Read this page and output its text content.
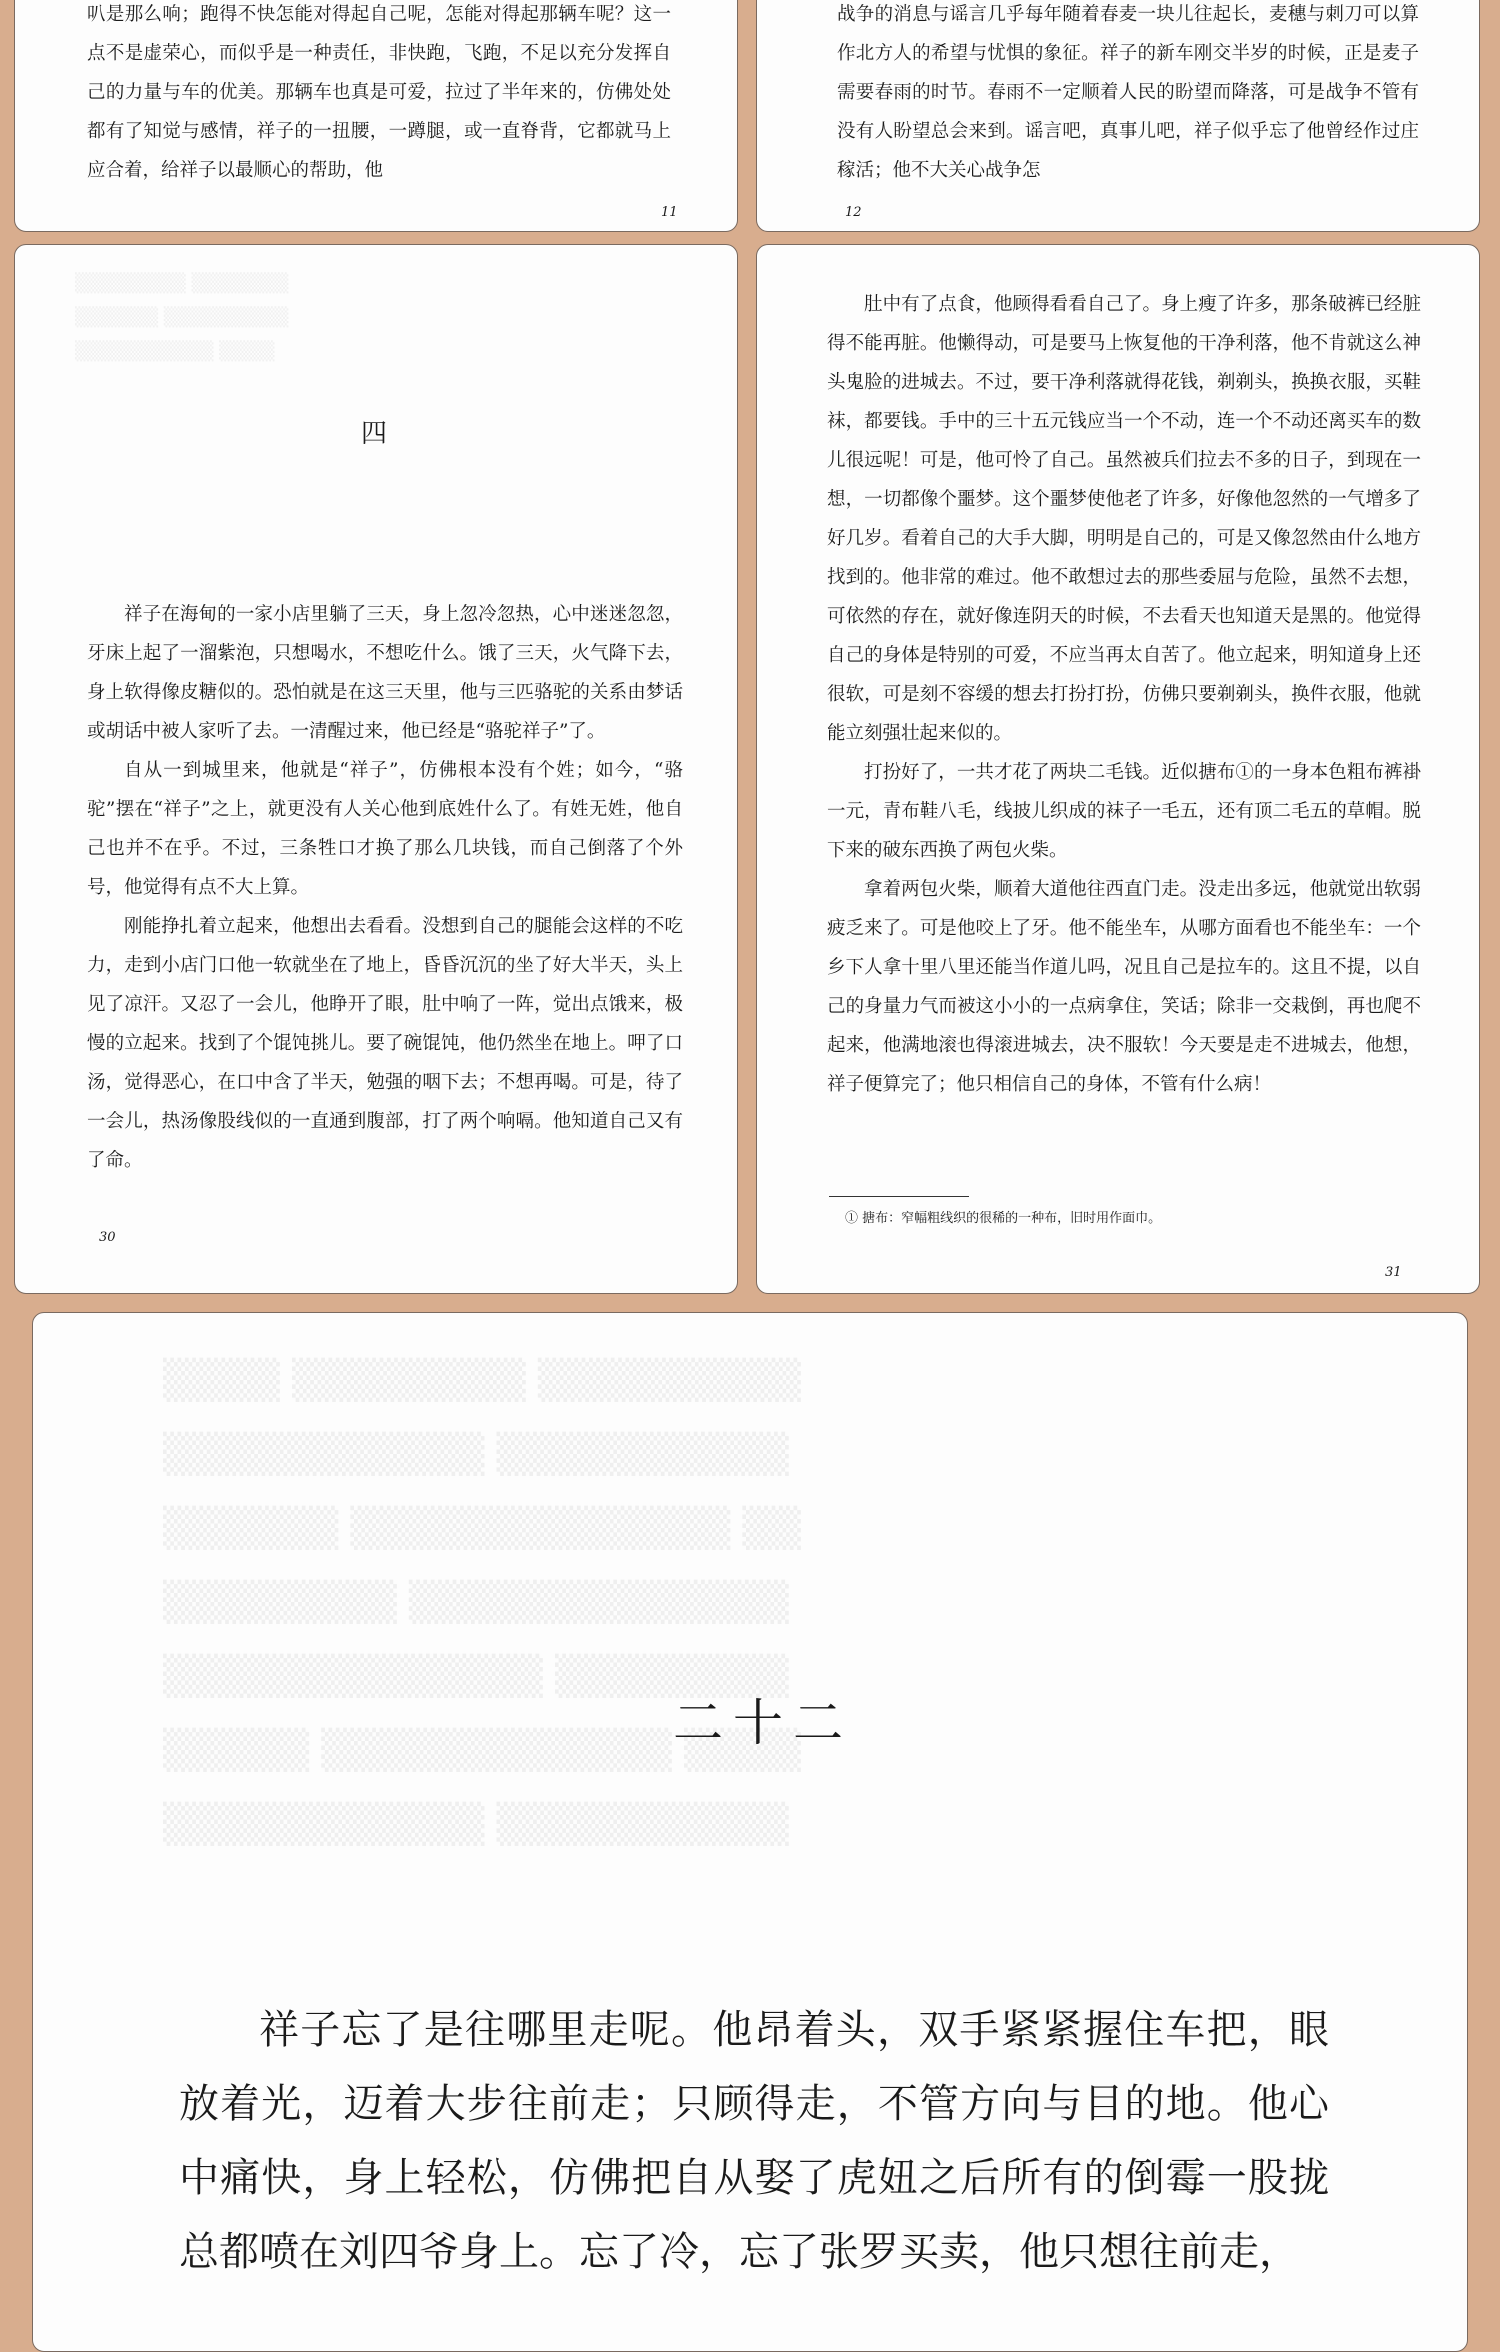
叭是那么响；跑得不快怎能对得起自己呢，怎能对得起那辆车呢？这一点不是虚荣心，而似乎是一种责任，非快跑，飞跑，不足以充分发挥自己的力量与车的优美。那辆车也真是可爱，拉过了半年来的，仿佛处处都有了知觉与感情，祥子的一扭腰，一蹲腿，或一直脊背，它都就马上应合着，给祥子以最顺心的帮助，他

11

战争的消息与谣言几乎每年随着春麦一块儿往起长，麦穗与刺刀可以算作北方人的希望与忧惧的象征。祥子的新车刚交半岁的时候，正是麦子需要春雨的时节。春雨不一定顺着人民的盼望而降落，可是战争不管有没有人盼望总会来到。谣言吧，真事儿吧，祥子似乎忘了他曾经作过庄稼活；他不大关心战争怎

12
▒▒▒▒▒▒▒▒ ▒▒▒▒▒▒▒
▒▒▒▒▒▒ ▒▒▒▒▒▒▒▒▒
▒▒▒▒▒▒▒▒▒▒ ▒▒▒▒
四

祥子在海甸的一家小店里躺了三天，身上忽冷忽热，心中迷迷忽忽，牙床上起了一溜紫泡，只想喝水，不想吃什么。饿了三天，火气降下去，身上软得像皮糖似的。恐怕就是在这三天里，他与三匹骆驼的关系由梦话或胡话中被人家听了去。一清醒过来，他已经是“骆驼祥子”了。

自从一到城里来，他就是“祥子”，仿佛根本没有个姓；如今，“骆驼”摆在“祥子”之上，就更没有人关心他到底姓什么了。有姓无姓，他自己也并不在乎。不过，三条牲口才换了那么几块钱，而自己倒落了个外号，他觉得有点不大上算。

刚能挣扎着立起来，他想出去看看。没想到自己的腿能会这样的不吃力，走到小店门口他一软就坐在了地上，昏昏沉沉的坐了好大半天，头上见了凉汗。又忍了一会儿，他睁开了眼，肚中响了一阵，觉出点饿来，极慢的立起来。找到了个馄饨挑儿。要了碗馄饨，他仍然坐在地上。呷了口汤，觉得恶心，在口中含了半天，勉强的咽下去；不想再喝。可是，待了一会儿，热汤像股线似的一直通到腹部，打了两个响嗝。他知道自己又有了命。

30

肚中有了点食，他顾得看看自己了。身上瘦了许多，那条破裤已经脏得不能再脏。他懒得动，可是要马上恢复他的干净利落，他不肯就这么神头鬼脸的进城去。不过，要干净利落就得花钱，剃剃头，换换衣服，买鞋袜，都要钱。手中的三十五元钱应当一个不动，连一个不动还离买车的数儿很远呢！可是，他可怜了自己。虽然被兵们拉去不多的日子，到现在一想，一切都像个噩梦。这个噩梦使他老了许多，好像他忽然的一气增多了好几岁。看着自己的大手大脚，明明是自己的，可是又像忽然由什么地方找到的。他非常的难过。他不敢想过去的那些委屈与危险，虽然不去想，可依然的存在，就好像连阴天的时候，不去看天也知道天是黑的。他觉得自己的身体是特别的可爱，不应当再太自苦了。他立起来，明知道身上还很软，可是刻不容缓的想去打扮打扮，仿佛只要剃剃头，换件衣服，他就能立刻强壮起来似的。

打扮好了，一共才花了两块二毛钱。近似搪布①的一身本色粗布裤褂一元，青布鞋八毛，线披儿织成的袜子一毛五，还有顶二毛五的草帽。脱下来的破东西换了两包火柴。

拿着两包火柴，顺着大道他往西直门走。没走出多远，他就觉出软弱疲乏来了。可是他咬上了牙。他不能坐车，从哪方面看也不能坐车：一个乡下人拿十里八里还能当作道儿吗，况且自己是拉车的。这且不提，以自己的身量力气而被这小小的一点病拿住，笑话；除非一交栽倒，再也爬不起来，他满地滚也得滚进城去，决不服软！今天要是走不进城去，他想，祥子便算完了；他只相信自己的身体，不管有什么病！

① 搪布：窄幅粗线织的很稀的一种布，旧时用作面巾。
31
▒▒▒▒ ▒▒▒▒▒▒▒▒ ▒▒▒▒▒▒▒▒▒
▒▒▒▒▒▒▒▒▒▒▒ ▒▒▒▒▒▒▒▒▒▒
▒▒▒▒▒▒ ▒▒▒▒▒▒▒▒▒▒▒▒▒ ▒▒
▒▒▒▒▒▒▒▒ ▒▒▒▒▒▒▒▒▒▒▒▒▒
▒▒▒▒▒▒▒▒▒▒▒▒▒ ▒▒▒▒▒▒▒▒
▒▒▒▒▒ ▒▒▒▒▒▒▒▒▒▒▒▒ ▒▒▒▒
▒▒▒▒▒▒▒▒▒▒▒ ▒▒▒▒▒▒▒▒▒▒
二十二

祥子忘了是往哪里走呢。他昂着头，双手紧紧握住车把，眼放着光，迈着大步往前走；只顾得走，不管方向与目的地。他心中痛快，身上轻松，仿佛把自从娶了虎妞之后所有的倒霉一股拢总都喷在刘四爷身上。忘了冷，忘了张罗买卖，他只想往前走，
